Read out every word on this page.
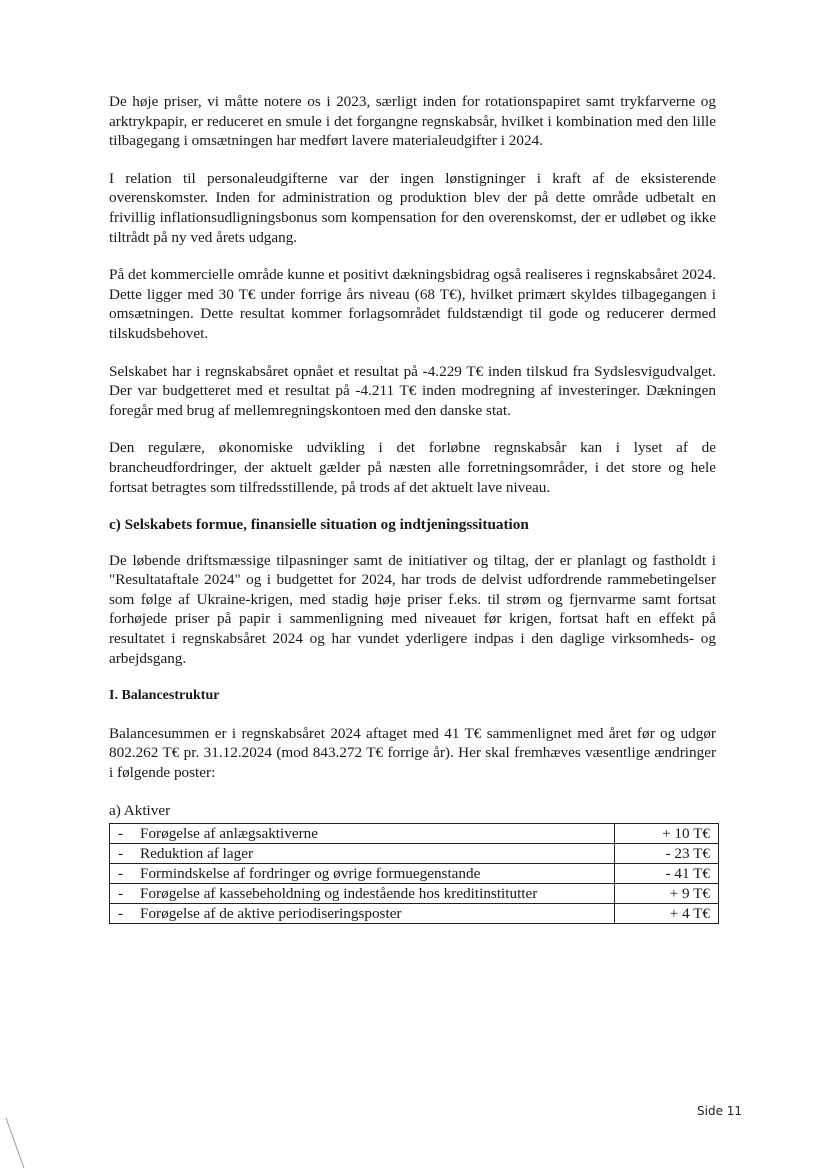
De høje priser, vi måtte notere os i 2023, særligt inden for rotationspapiret samt trykfarverne og arktrykpapir, er reduceret en smule i det forgangne regnskabsår, hvilket i kombination med den lille tilbagegang i omsætningen har medført lavere materialeudgifter i 2024.

I relation til personaleudgifterne var der ingen lønstigninger i kraft af de eksisterende overenskomster. Inden for administration og produktion blev der på dette område udbetalt en frivillig inflationsudligningsbonus som kompensation for den overenskomst, der er udløbet og ikke tiltrådt på ny ved årets udgang.

På det kommercielle område kunne et positivt dækningsbidrag også realiseres i regnskabsåret 2024. Dette ligger med 30 T€ under forrige års niveau (68 T€), hvilket primært skyldes tilbagegangen i omsætningen. Dette resultat kommer forlagsområdet fuldstændigt til gode og reducerer dermed tilskudsbehovet.

Selskabet har i regnskabsåret opnået et resultat på -4.229 T€ inden tilskud fra Sydslesvigudvalget. Der var budgetteret med et resultat på -4.211 T€ inden modregning af investeringer. Dækningen foregår med brug af mellemregningskontoen med den danske stat.

Den regulære, økonomiske udvikling i det forløbne regnskabsår kan i lyset af de brancheudfordringer, der aktuelt gælder på næsten alle forretningsområder, i det store og hele fortsat betragtes som tilfredsstillende, på trods af det aktuelt lave niveau.

c) Selskabets formue, finansielle situation og indtjeningssituation

De løbende driftsmæssige tilpasninger samt de initiativer og tiltag, der er planlagt og fastholdt i "Resultataftale 2024" og i budgettet for 2024, har trods de delvist udfordrende rammebetingelser som følge af Ukraine-krigen, med stadig høje priser f.eks. til strøm og fjernvarme samt fortsat forhøjede priser på papir i sammenligning med niveauet før krigen, fortsat haft en effekt på resultatet i regnskabsåret 2024 og har vundet yderligere indpas i den daglige virksomheds- og arbejdsgang.

I. Balancestruktur

Balancesummen er i regnskabsåret 2024 aftaget med 41 T€ sammenlignet med året før og udgør 802.262 T€ pr. 31.12.2024 (mod 843.272 T€ forrige år). Her skal fremhæves væsentlige ændringer i følgende poster:

a) Aktiver

- Forøgelse af anlægsaktiverne	+ 10 T€
- Reduktion af lager	- 23 T€
- Formindskelse af fordringer og øvrige formuegenstande	- 41 T€
- Forøgelse af kassebeholdning og indestående hos kreditinstitutter	+ 9 T€
- Forøgelse af de aktive periodiseringsposter	+ 4 T€
Side 11
